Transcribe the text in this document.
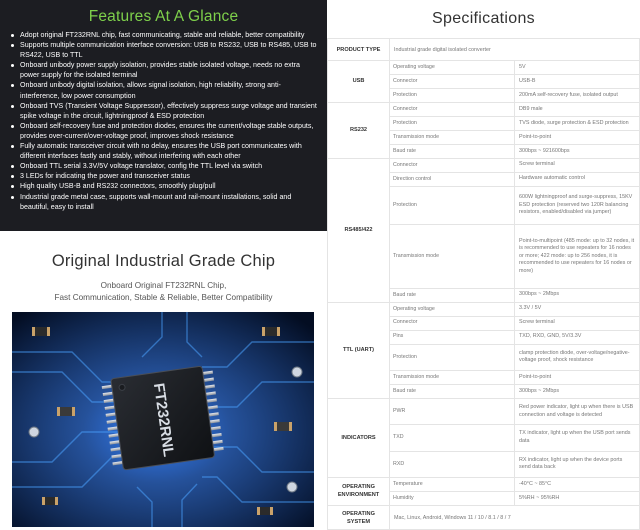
Features At A Glance
Adopt original FT232RNL chip, fast communicating, stable and reliable, better compatibility
Supports multiple communication interface conversion: USB to RS232, USB to RS485, USB to RS422, USB to TTL
Onboard unibody power supply isolation, provides stable isolated voltage, needs no extra power supply for the isolated terminal
Onboard unibody digital isolation, allows signal isolation, high reliability, strong anti-interference, low power consumption
Onboard TVS (Transient Voltage Suppressor), effectively suppress surge voltage and transient spike voltage in the circuit, lightningproof & ESD protection
Onboard self-recovery fuse and protection diodes, ensures the current/voltage stable outputs, provides over-current/over-voltage proof, improves shock resistance
Fully automatic transceiver circuit with no delay, ensures the USB port communicates with different interfaces fastly and stably, without interfering with each other
Onboard TTL serial 3.3V/5V voltage translator, config the TTL level via switch
3 LEDs for indicating the power and transceiver status
High quality USB-B and RS232 connectors, smoothly plug/pull
Industrial grade metal case, supports wall-mount and rail-mount installations, solid and beautiful, easy to install
Original Industrial Grade Chip
Onboard Original FT232RNL Chip,
Fast Communication, Stable & Reliable, Better Compatibility
FT232RNL
Specifications
PRODUCT TYPE	Industrial grade digital isolated converter	
USB	Operating voltage	5V
	Connector	USB-B
	Protection	200mA self-recovery fuse, isolated output
RS232	Connector	DB9 male
	Protection	TVS diode, surge protection & ESD protection
	Transmission mode	Point-to-point
	Baud rate	300bps ~ 921600bps
RS485/422	Connector	Screw terminal
	Direction control	Hardware automatic control
	Protection	600W lightningproof and surge-suppress, 15KV ESD protection (reserved two 120R balancing resistors, enabled/disabled via jumper)
	Transmission mode	Point-to-multipoint (485 mode: up to 32 nodes, it is recommended to use repeaters for 16 nodes or more; 422 mode: up to 256 nodes, it is recommended to use repeaters for 16 nodes or more)
	Baud rate	300bps ~ 2Mbps
TTL (UART)	Operating voltage	3.3V / 5V
	Connector	Screw terminal
	Pins	TXD, RXD, GND, 5V/3.3V
	Protection	clamp protection diode, over-voltage/negative-voltage proof, shock resistance
	Transmission mode	Point-to-point
	Baud rate	300bps ~ 2Mbps
INDICATORS	PWR	Red power indicator, light up when there is USB connection and voltage is detected
	TXD	TX indicator, light up when the USB port sends data
	RXD	RX indicator, light up when the device ports send data back
OPERATING ENVIRONMENT	Temperature	-40°C ~ 85°C
	Humidity	5%RH ~ 95%RH
OPERATING SYSTEM	Mac, Linux, Android, Windows 11 / 10 / 8.1 / 8 / 7	
